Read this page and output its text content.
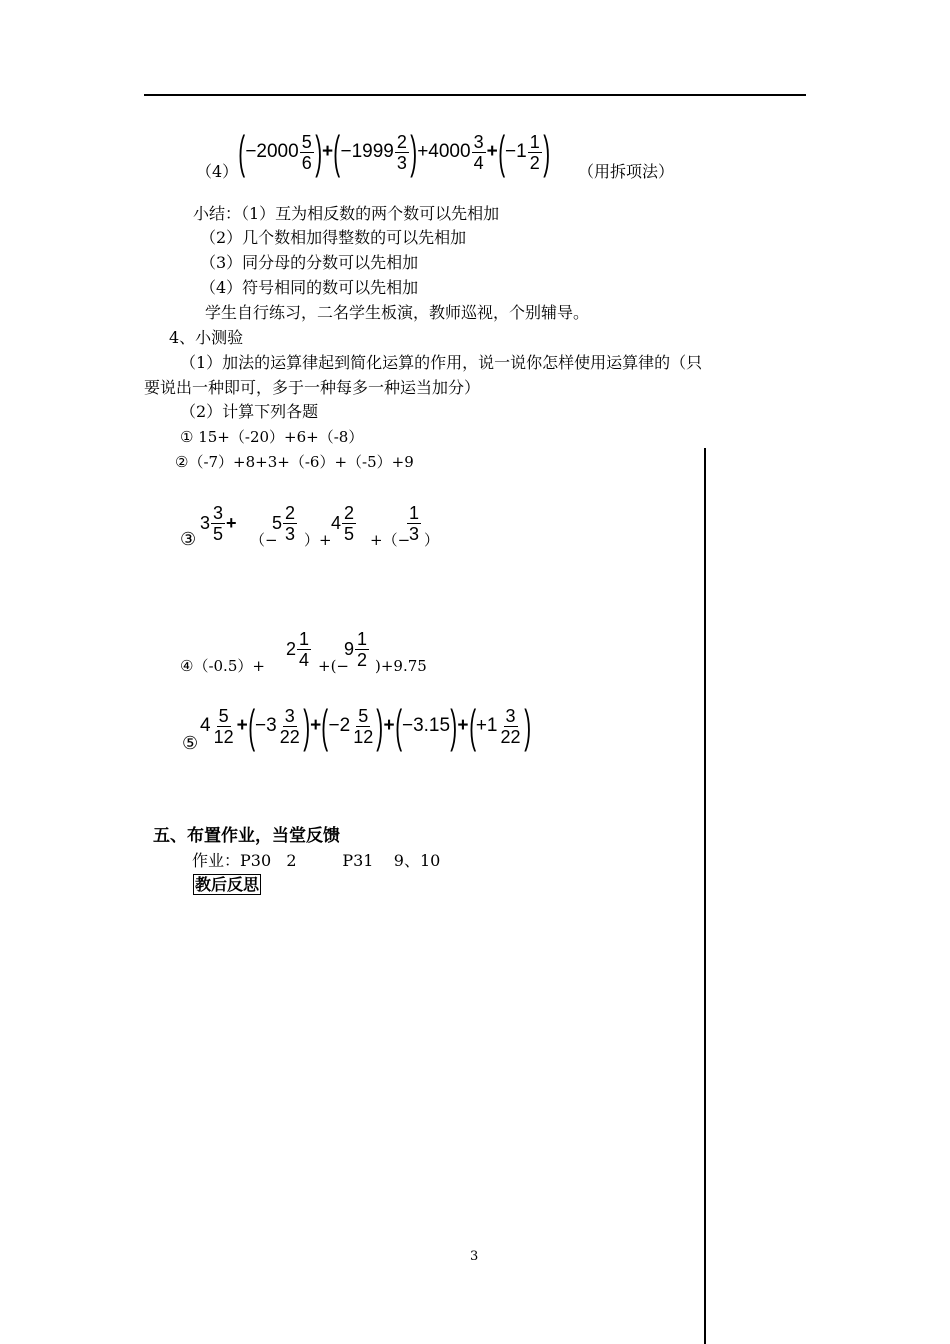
（4） ( $-2000 \frac{5}{6}$ ) + ( $-1999 \frac{2}{3}$ ) $+4000 \frac{3}{4}$ + ( $-1 \frac{1}{2}$ ) （用拆项法）
小结：（1）互为相反数的两个数可以先相加
（2）几个数相加得整数的可以先相加
（3）同分母的分数可以先相加
（4）符号相同的数可以先相加
学生自行练习，二名学生板演，教师巡视，个别辅导。
4、小测验
（1）加法的运算律起到简化运算的作用，说一说你怎样使用运算律的（只
要说出一种即可，多于一种每多一种运当加分）
（2）计算下列各题
① 15+（-20）+6+（-8）
②（-7）+8+3+（-6）+（-5）+9
③
$3 \frac{3}{5}$ +
（−
$5 \frac{2}{3}$ ）+
$4 \frac{2}{5}$ +（−
$\frac{1}{3}$ ）
④（-0.5）+
$2 \frac{1}{4}$ +(−
$9 \frac{1}{2} )+9.75$
⑤
$4 \frac{5}{12}$ + ( $-3 \frac{3}{22}$ ) + ( $-2 \frac{5}{12}$ ) + ( −3.15 ) + ( $+1 \frac{3}{22}$ )
五、布置作业，当堂反馈
作业：P30   2         P31    9、10
教后反思
3
